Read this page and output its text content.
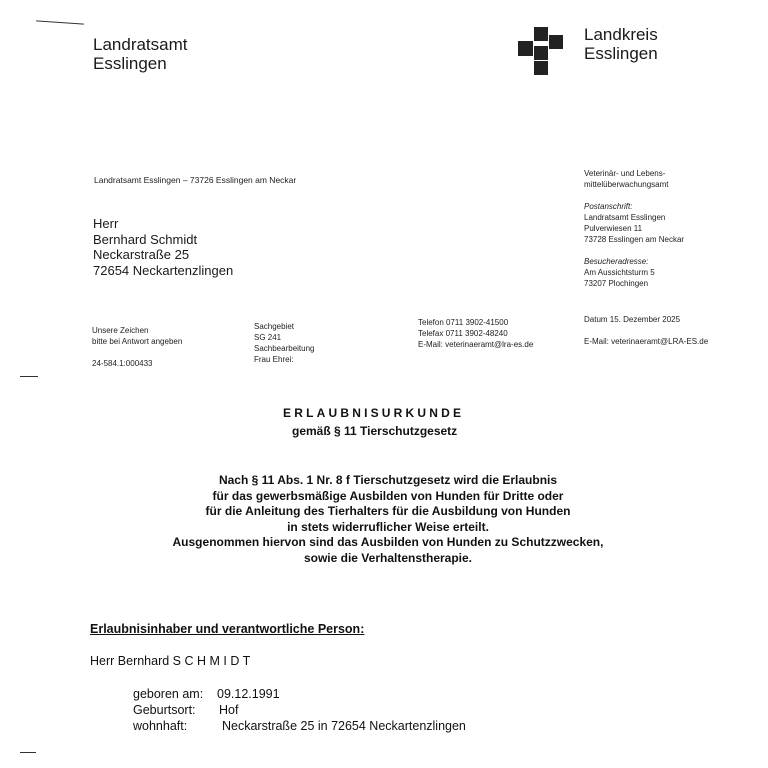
Landratsamt
Esslingen
Landkreis
Esslingen
Landratsamt Esslingen – 73726 Esslingen am Neckar
Herr
Bernhard Schmidt
Neckarstraße 25
72654 Neckartenzlingen
Veterinär- und Lebens-
mittelüberwachungsamt
Postanschrift:
Landratsamt Esslingen
Pulverwiesen 11
73728 Esslingen am Neckar
Besucheradresse:
Am Aussichtsturm 5
73207 Plochingen
Unsere Zeichen
bitte bei Antwort angeben
24-584.1:000433
Sachgebiet
SG 241
Sachbearbeitung
Frau Ehrei:
Telefon 0711 3902-41500
Telefax 0711 3902-48240
E-Mail: veterinaeramt@lra-es.de
Datum 15. Dezember 2025
E-Mail: veterinaeramt@LRA-ES.de
ERLAUBNISURKUNDE
gemäß § 11 Tierschutzgesetz
Nach § 11 Abs. 1 Nr. 8 f Tierschutzgesetz wird die Erlaubnis
für das gewerbsmäßige Ausbilden von Hunden für Dritte oder
für die Anleitung des Tierhalters für die Ausbildung von Hunden
in stets widerruflicher Weise erteilt.
Ausgenommen hiervon sind das Ausbilden von Hunden zu Schutzzwecken,
sowie die Verhaltenstherapie.
Erlaubnisinhaber und verantwortliche Person:
Herr Bernhard S C H M I D T
geboren am: 09.12.1991
Geburtsort: Hof
wohnhaft:	Neckarstraße 25 in 72654 Neckartenzlingen
